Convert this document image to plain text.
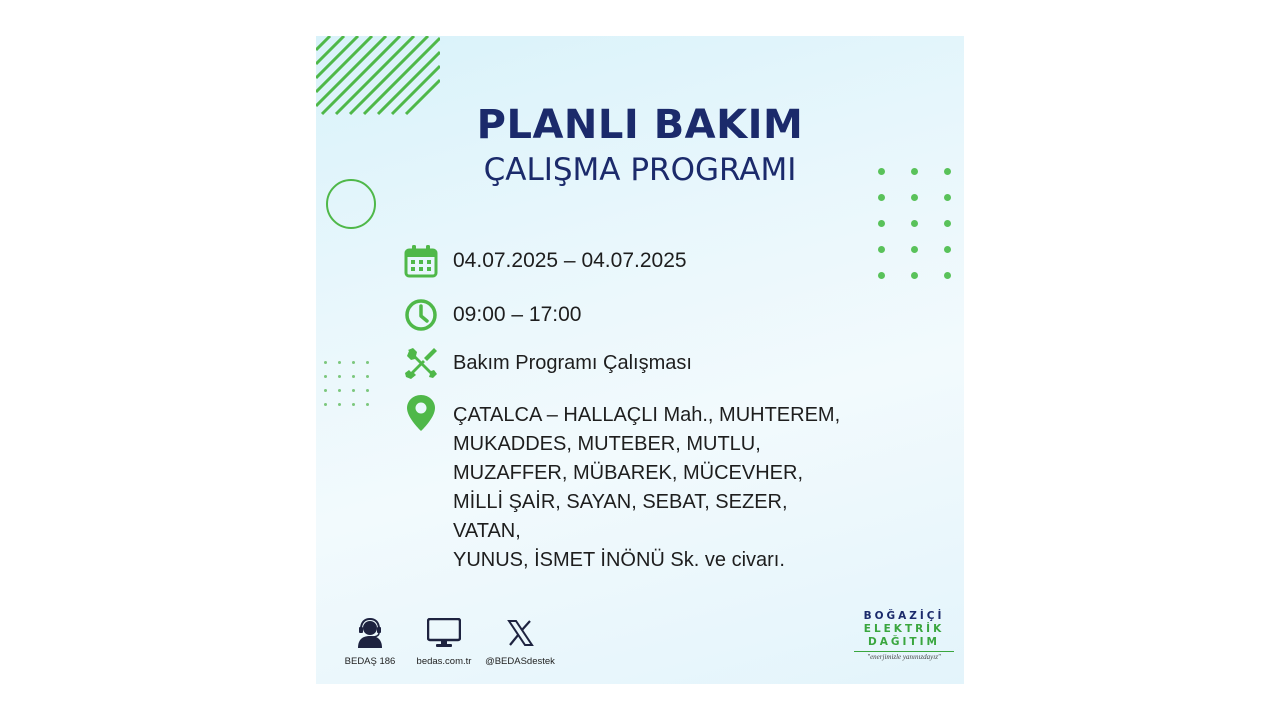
PLANLI BAKIM
ÇALIŞMA PROGRAMI
04.07.2025 – 04.07.2025
09:00 – 17:00
Bakım Programı Çalışması
ÇATALCA – HALLAÇLI Mah., MUHTEREM,
MUKADDES, MUTEBER, MUTLU,
MUZAFFER, MÜBAREK, MÜCEVHER,
MİLLİ ŞAİR, SAYAN, SEBAT, SEZER, VATAN,
YUNUS, İSMET İNÖNÜ Sk. ve civarı.
BEDAŞ 186	bedas.com.tr	@BEDASdestek
BOĞAZİÇİ
ELEKTRİK
DAĞITIM
"enerjimizle yanınızdayız"
